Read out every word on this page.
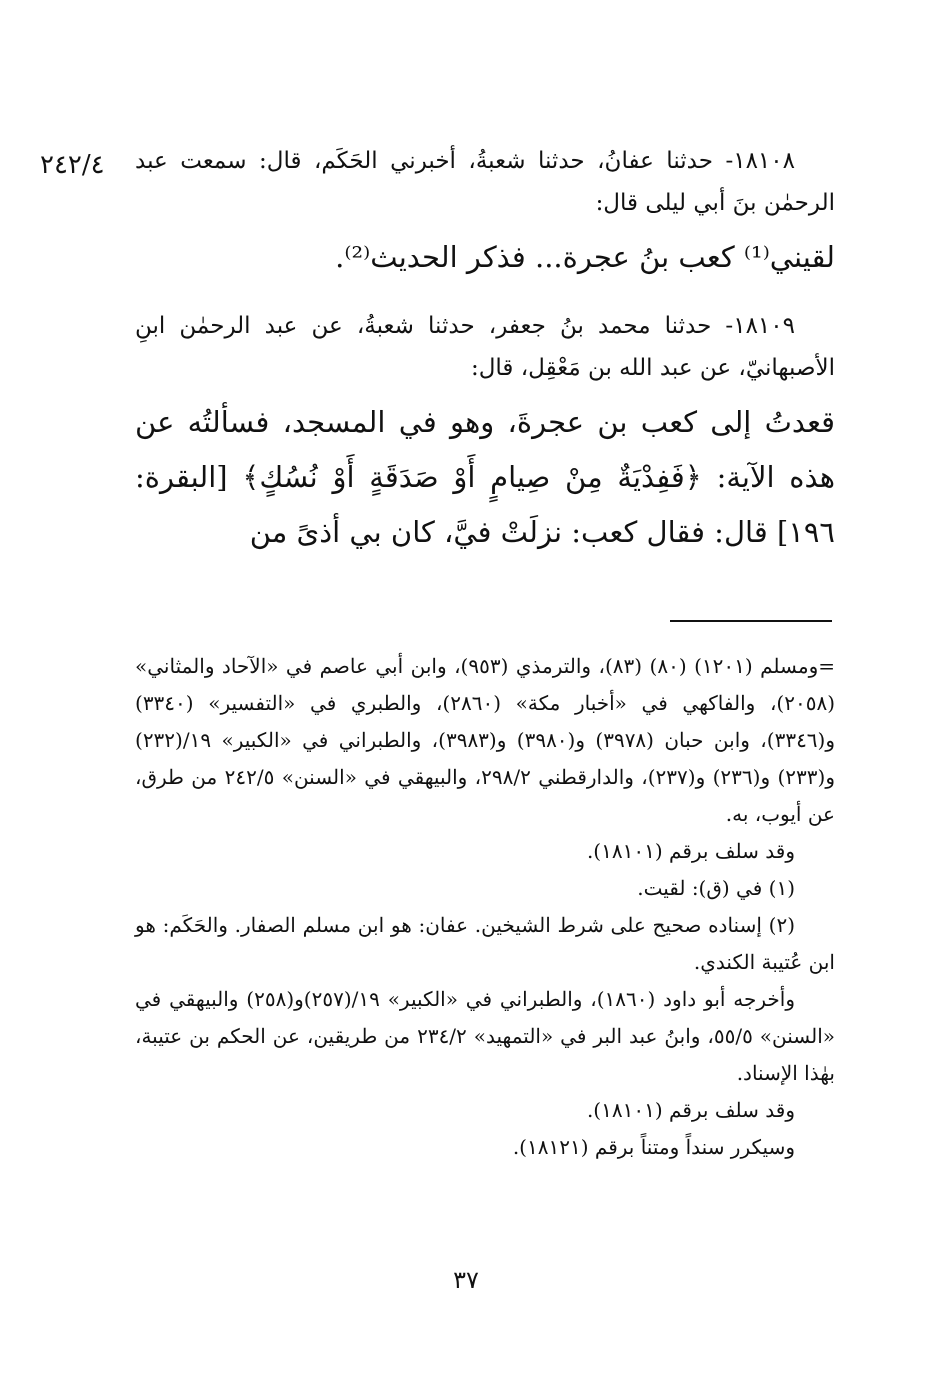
٢٤٢/٤ ١٨١٠٨- حدثنا عفانُ، حدثنا شعبةُ، أخبرني الحَكَم، قال: سمعت عبد الرحمٰن بنَ أبي ليلى قال:

لقيني⁽¹⁾ كعب بنُ عجرة... فذكر الحديث⁽²⁾.

١٨١٠٩- حدثنا محمد بنُ جعفر، حدثنا شعبةُ، عن عبد الرحمٰن ابنِ الأصبهانيّ، عن عبد الله بن مَعْقِل، قال:

قعدتُ إلى كعب بن عجرةَ، وهو في المسجد، فسألتُه عن هذه الآية: ﴿فَفِدْيَةٌ مِنْ صِيامٍ أَوْ صَدَقَةٍ أَوْ نُسُكٍ﴾ [البقرة: ١٩٦] قال: فقال كعب: نزلَتْ فيَّ، كان بي أذىً من

=ومسلم (١٢٠١) (٨٠) (٨٣)، والترمذي (٩٥٣)، وابن أبي عاصم في «الآحاد والمثاني» (٢٠٥٨)، والفاكهي في «أخبار مكة» (٢٨٦٠)، والطبري في «التفسير» (٣٣٤٠) و(٣٣٤٦)، وابن حبان (٣٩٧٨) و(٣٩٨٠) و(٣٩٨٣)، والطبراني في «الكبير» ١٩/(٢٣٢) و(٢٣٣) و(٢٣٦) و(٢٣٧)، والدارقطني ٢٩٨/٢، والبيهقي في «السنن» ٢٤٢/٥ من طرق، عن أيوب، به.

وقد سلف برقم (١٨١٠١).

(١) في (ق): لقيت.

(٢) إسناده صحيح على شرط الشيخين. عفان: هو ابن مسلم الصفار. والحَكَم: هو ابن عُتيبة الكندي.

وأخرجه أبو داود (١٨٦٠)، والطبراني في «الكبير» ١٩/(٢٥٧)و(٢٥٨) والبيهقي في «السنن» ٥٥/٥، وابنُ عبد البر في «التمهيد» ٢٣٤/٢ من طريقين، عن الحكم بن عتيبة، بهٰذا الإسناد.

وقد سلف برقم (١٨١٠١).

وسيكرر سنداً ومتناً برقم (١٨١٢١).

٣٧
